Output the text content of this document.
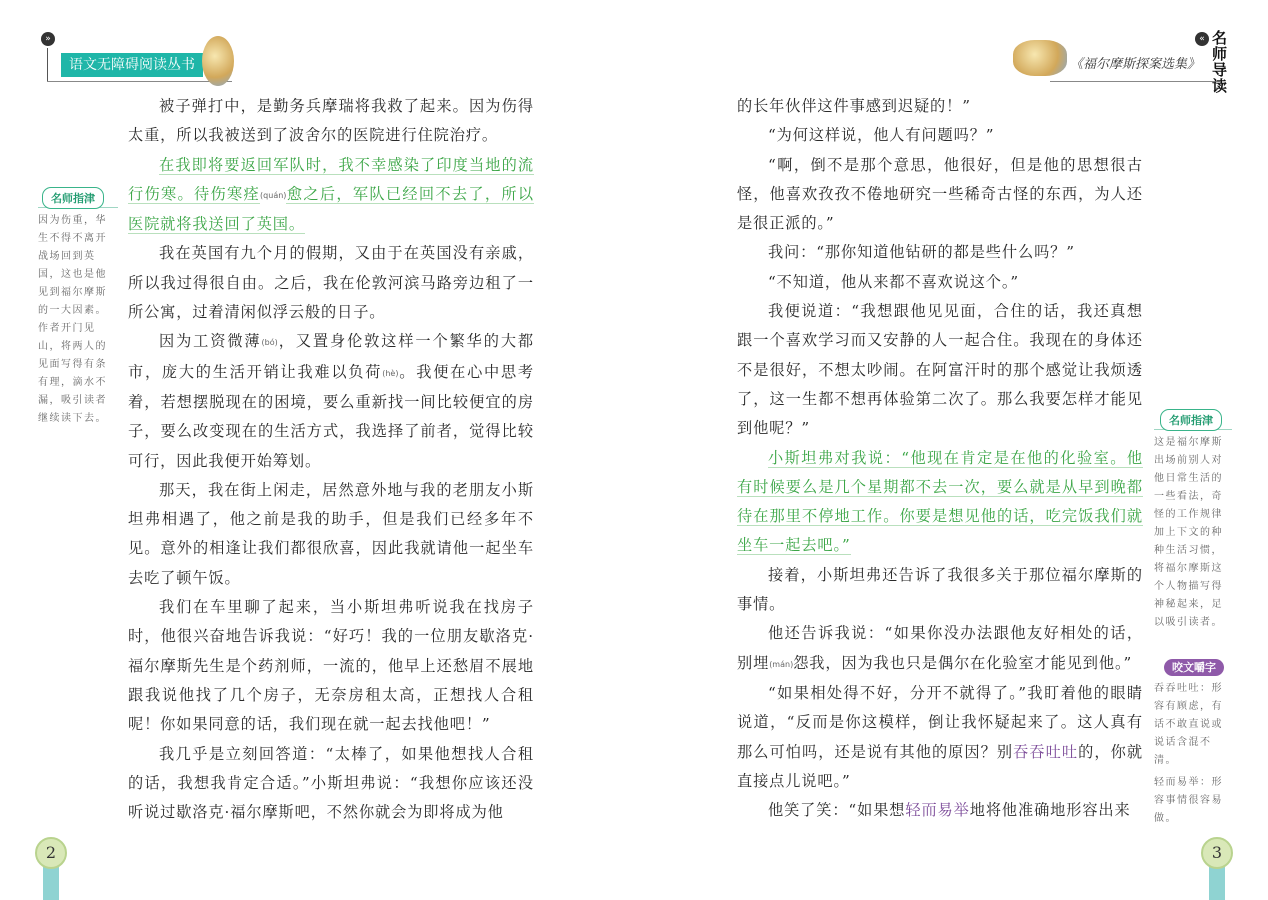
»
语文无障碍阅读丛书	《福尔摩斯探案选集》
« 名师导读

被子弹打中，是勤务兵摩瑞将我救了起来。因为伤得太重，所以我被送到了波舍尔的医院进行住院治疗。

在我即将要返回军队时，我不幸感染了印度当地的流行伤寒。待伤寒痊(quán)愈之后，军队已经回不去了，所以医院就将我送回了英国。

我在英国有九个月的假期，又由于在英国没有亲戚，所以我过得很自由。之后，我在伦敦河滨马路旁边租了一所公寓，过着清闲似浮云般的日子。

因为工资微薄(bó)，又置身伦敦这样一个繁华的大都市，庞大的生活开销让我难以负荷(hè)。我便在心中思考着，若想摆脱现在的困境，要么重新找一间比较便宜的房子，要么改变现在的生活方式，我选择了前者，觉得比较可行，因此我便开始筹划。

那天，我在街上闲走，居然意外地与我的老朋友小斯坦弗相遇了，他之前是我的助手，但是我们已经多年不见。意外的相逢让我们都很欣喜，因此我就请他一起坐车去吃了顿午饭。

我们在车里聊了起来，当小斯坦弗听说我在找房子时，他很兴奋地告诉我说：“好巧！我的一位朋友歇洛克·福尔摩斯先生是个药剂师，一流的，他早上还愁眉不展地跟我说他找了几个房子，无奈房租太高，正想找人合租呢！你如果同意的话，我们现在就一起去找他吧！”

我几乎是立刻回答道：“太棒了，如果他想找人合租的话，我想我肯定合适。”小斯坦弗说：“我想你应该还没听说过歇洛克·福尔摩斯吧，不然你就会为即将成为他

的长年伙伴这件事感到迟疑的！”

“为何这样说，他人有问题吗？”

“啊，倒不是那个意思，他很好，但是他的思想很古怪，他喜欢孜孜不倦地研究一些稀奇古怪的东西，为人还是很正派的。”

我问：“那你知道他钻研的都是些什么吗？”

“不知道，他从来都不喜欢说这个。”

我便说道：“我想跟他见见面，合住的话，我还真想跟一个喜欢学习而又安静的人一起合住。我现在的身体还不是很好，不想太吵闹。在阿富汗时的那个感觉让我烦透了，这一生都不想再体验第二次了。那么我要怎样才能见到他呢？”

小斯坦弗对我说：“他现在肯定是在他的化验室。他有时候要么是几个星期都不去一次，要么就是从早到晚都待在那里不停地工作。你要是想见他的话，吃完饭我们就坐车一起去吧。”

接着，小斯坦弗还告诉了我很多关于那位福尔摩斯的事情。

他还告诉我说：“如果你没办法跟他友好相处的话，别埋(mán)怨我，因为我也只是偶尔在化验室才能见到他。”

“如果相处得不好，分开不就得了。”我盯着他的眼睛说道，“反而是你这模样，倒让我怀疑起来了。这人真有那么可怕吗，还是说有其他的原因？别吞吞吐吐的，你就直接点儿说吧。”

他笑了笑：“如果想轻而易举地将他准确地形容出来

名师指津
因为伤重，华生不得不离开战场回到英国，这也是他见到福尔摩斯的一大因素。作者开门见山，将两人的见面写得有条有理，滴水不漏，吸引读者继续读下去。	名师指津
这是福尔摩斯出场前别人对他日常生活的一些看法，奇怪的工作规律加上下文的种种生活习惯，将福尔摩斯这个人物描写得神秘起来，足以吸引读者。
咬文嚼字
吞吞吐吐：形容有顾虑，有话不敢直说或说话含混不清。
轻而易举：形容事情很容易做。
2	3
